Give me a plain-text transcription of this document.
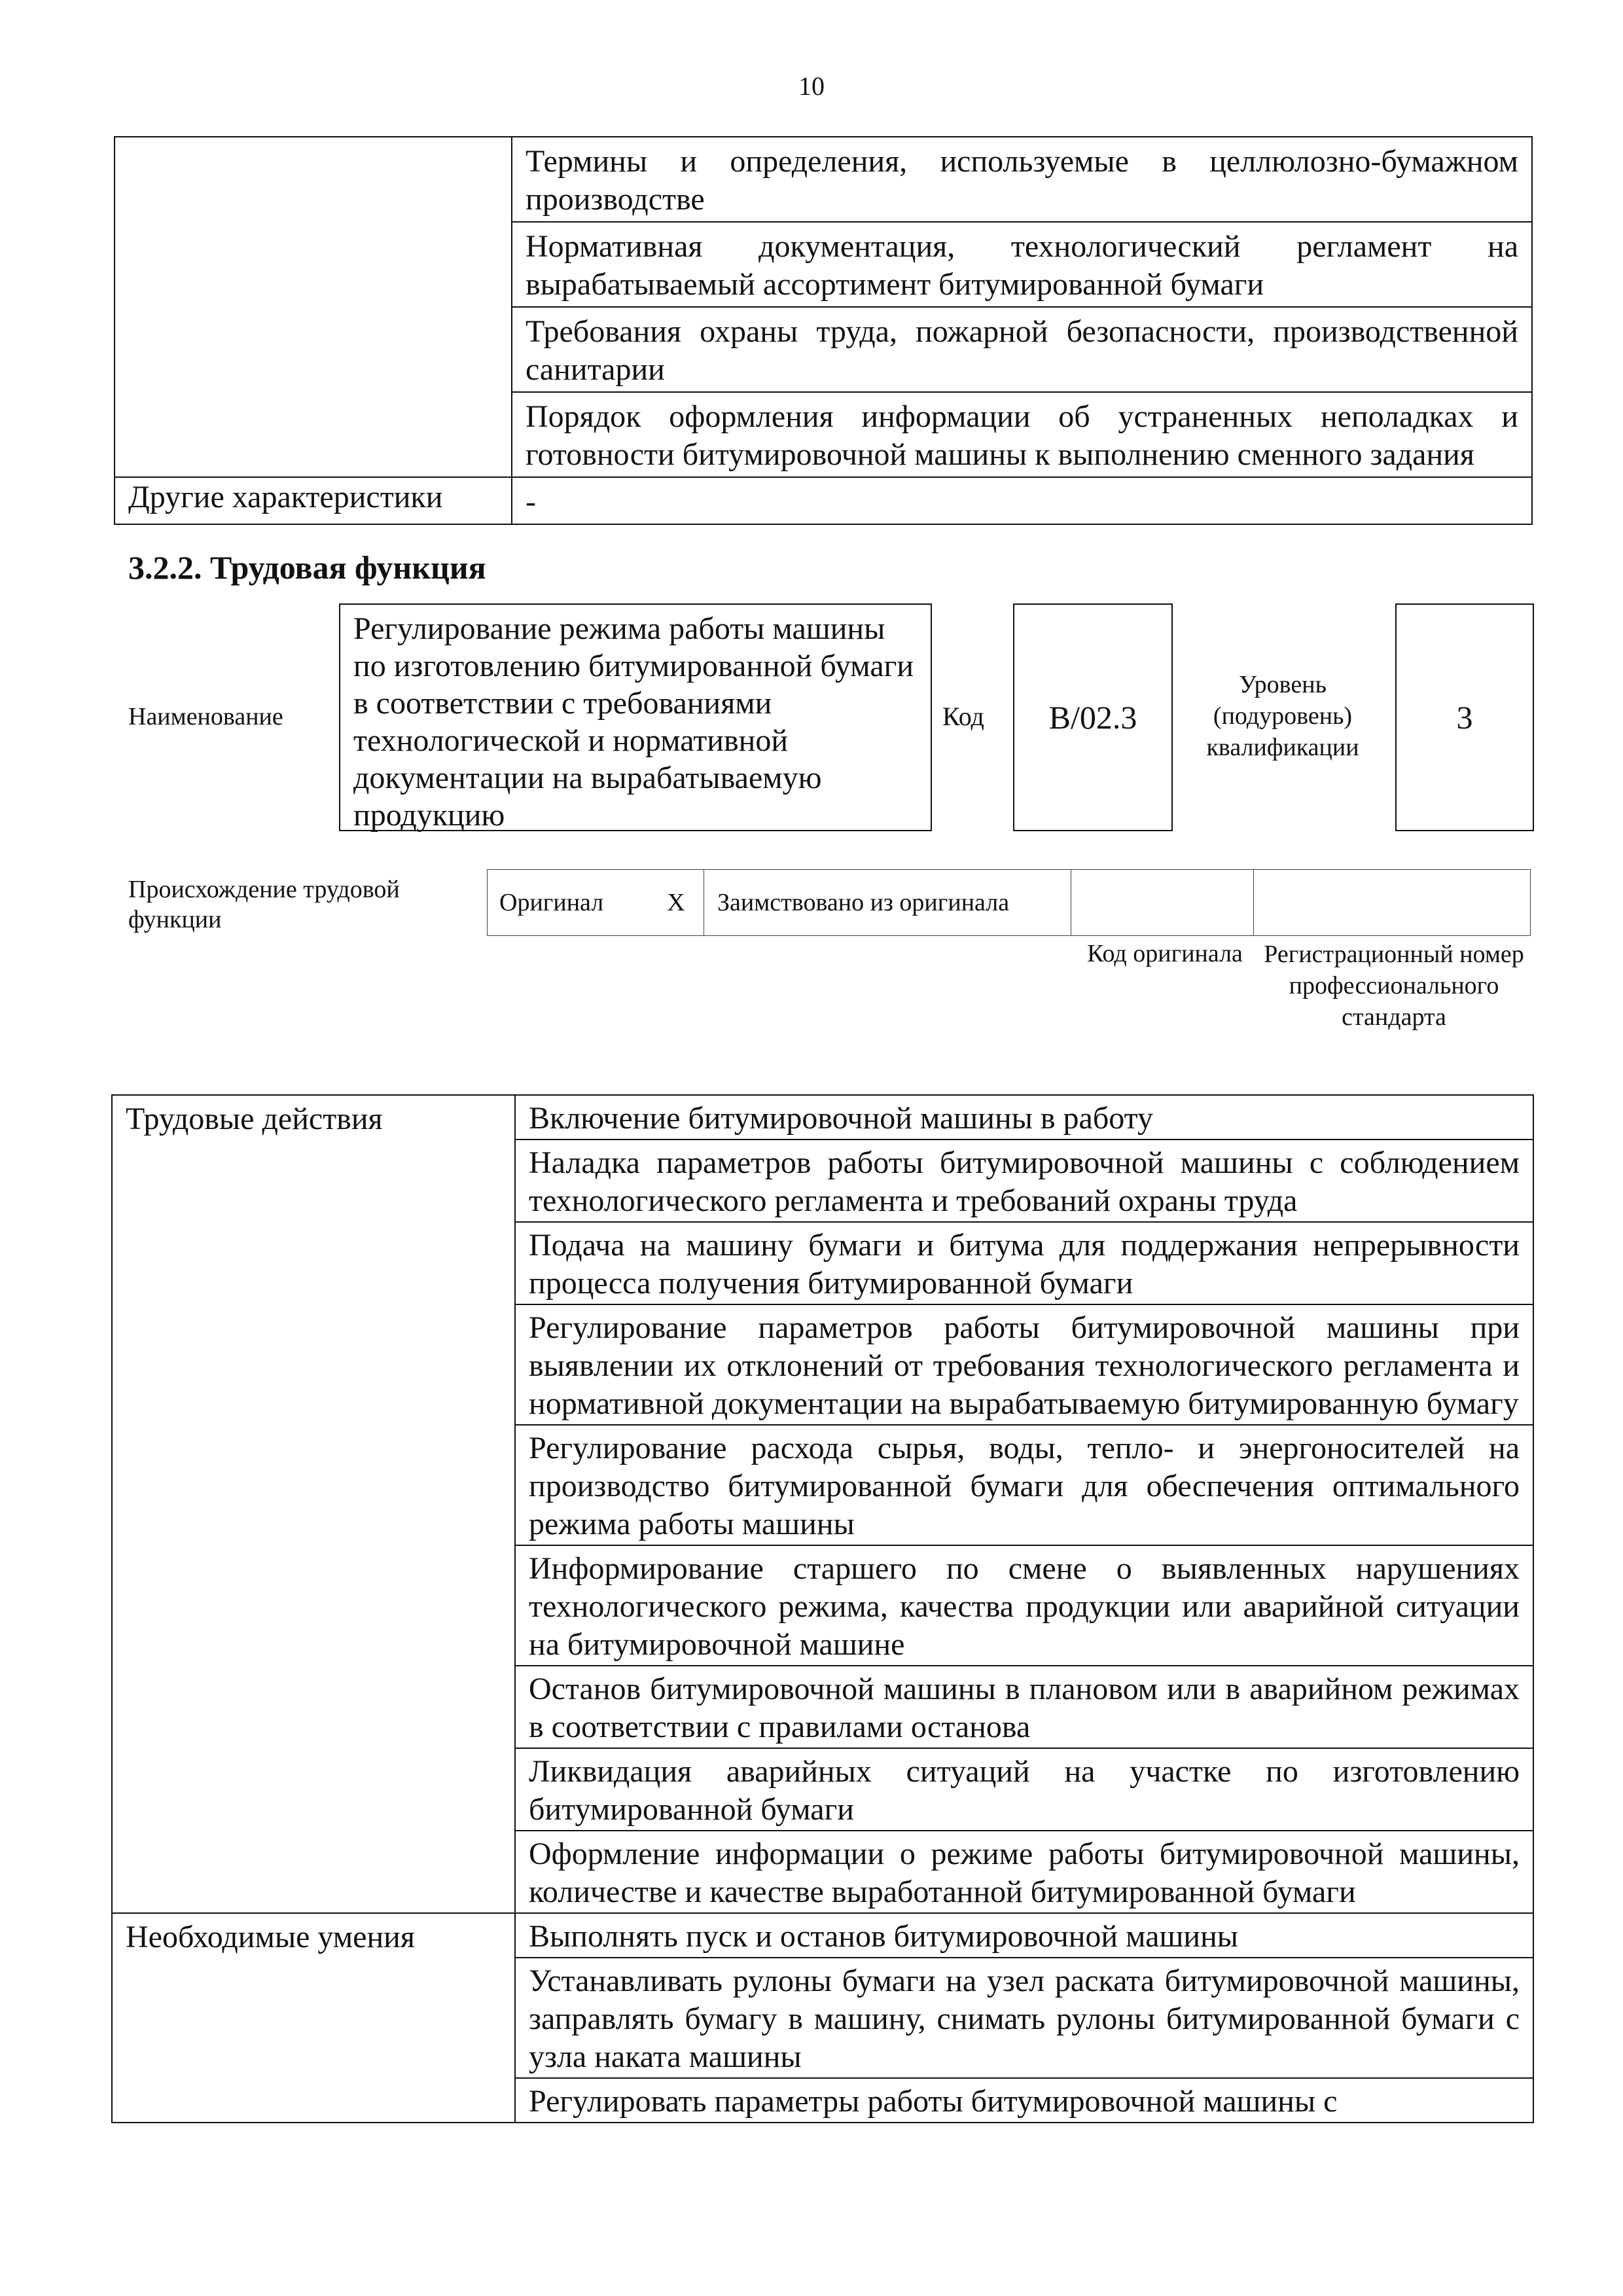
10
	Термины и определения, используемые в целлюлозно-бумажном производстве
	Нормативная документация, технологический регламент на вырабатываемый ассортимент битумированной бумаги
	Требования охраны труда, пожарной безопасности, производственной санитарии
	Порядок оформления информации об устраненных неполадках и готовности битумировочной машины к выполнению сменного задания
Другие характеристики	-
3.2.2. Трудовая функция
Наименование
Регулирование режима работы машины по изготовлению битумированной бумаги в соответствии с требованиями технологической и нормативной документации на вырабатываемую продукцию
Код	B/02.3
Уровень (подуровень) квалификации
3
Происхождение трудовой функции
Оригинал	X	Заимствовано из оригинала		
Код оригинала Регистрационный номер профессионального стандарта
Трудовые действия	Включение битумировочной машины в работу
	Наладка параметров работы битумировочной машины с соблюдением технологического регламента и требований охраны труда
	Подача на машину бумаги и битума для поддержания непрерывности процесса получения битумированной бумаги
	Регулирование параметров работы битумировочной машины при выявлении их отклонений от требования технологического регламента и нормативной документации на вырабатываемую битумированную бумагу
	Регулирование расхода сырья, воды, тепло- и энергоносителей на производство битумированной бумаги для обеспечения оптимального режима работы машины
	Информирование старшего по смене о выявленных нарушениях технологического режима, качества продукции или аварийной ситуации на битумировочной машине
	Останов битумировочной машины в плановом или в аварийном режимах в соответствии с правилами останова
	Ликвидация аварийных ситуаций на участке по изготовлению битумированной бумаги
	Оформление информации о режиме работы битумировочной машины, количестве и качестве выработанной битумированной бумаги
Необходимые умения	Выполнять пуск и останов битумировочной машины
	Устанавливать рулоны бумаги на узел раската битумировочной машины, заправлять бумагу в машину, снимать рулоны битумированной бумаги с узла наката машины
	Регулировать параметры работы битумировочной машины с
